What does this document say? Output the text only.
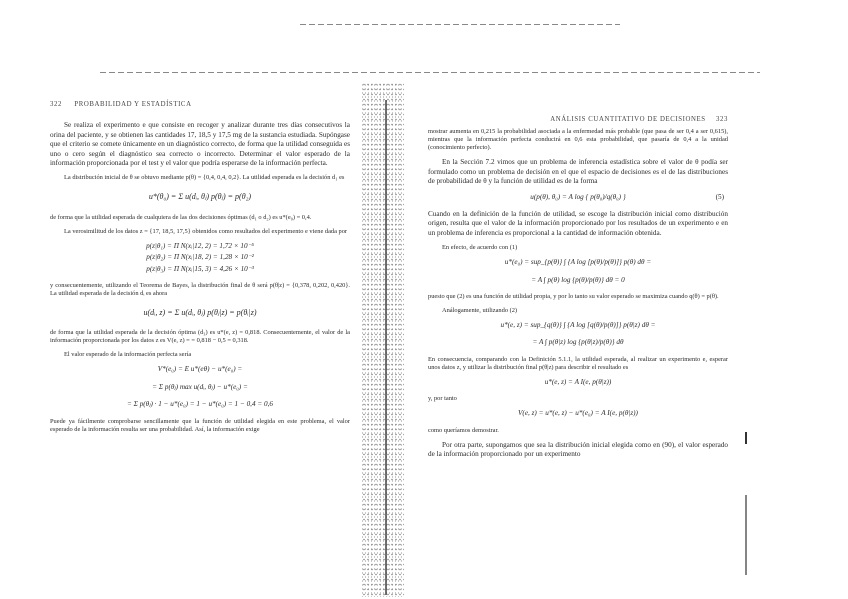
322 PROBABILIDAD Y ESTADÍSTICA

Se realiza el experimento e que consiste en recoger y analizar durante tres días consecutivos la orina del paciente, y se obtienen las cantidades 17, 18,5 y 17,5 mg de la sustancia estudiada. Supóngase que el criterio se comete únicamente en un diagnóstico correcto, de forma que la utilidad conseguida es uno o cero según el diagnóstico sea correcto o incorrecto. Determinar el valor esperado de la información proporcionada por el test y el valor que podría esperarse de la información perfecta.

La distribución inicial de θ se obtuvo mediante p(θ) = {0,4, 0,4, 0,2}. La utilidad esperada es la decisión d₁ es

u*(θ₀) = Σ u(dᵢ, θⱼ) p(θⱼ) = p(θ₂)

de forma que la utilidad esperada de cualquiera de las dos decisiones óptimas (d₁ o d₂) es u*(e₀) = 0,4.

La verosimilitud de los datos z = {17, 18,5, 17,5} obtenidos como resultados del experimento e viene dada por

p(z|θ₁) = Π N(xᵢ|12, 2) = 1,72 × 10⁻⁵
p(z|θ₂) = Π N(xᵢ|18, 2) = 1,28 × 10⁻²
p(z|θ₃) = Π N(xᵢ|15, 3) = 4,26 × 10⁻³

y consecuentemente, utilizando el Teorema de Bayes, la distribución final de θ será p(θ|z) = {0,378, 0,202, 0,420}. La utilidad esperada de la decisión dᵢ es ahora

u(dᵢ, z) = Σ u(dᵢ, θⱼ) p(θⱼ|z) = p(θᵢ|z)

de forma que la utilidad esperada de la decisión óptima (d₃) es u*(e, z) = 0,818. Consecuentemente, el valor de la información proporcionada por los datos z es V(e, z) = = 0,818 − 0,5 = 0,318.

El valor esperado de la información perfecta sería

V*(e₀) = E u*(eθ) − u*(e₀) =
= Σ p(θⱼ) max u(dᵢ, θⱼ) − u*(e₀) =
= Σ p(θⱼ) · 1 − u*(e₀) = 1 − u*(e₀) = 1 − 0,4 = 0,6

Puede ya fácilmente comprobarse sencillamente que la función de utilidad elegida en este problema, el valor esperado de la información resulta ser una probabilidad. Así, la información exige

ANÁLISIS CUANTITATIVO DE DECISIONES 323

mostrar aumenta en 0,215 la probabilidad asociada a la enfermedad más probable (que pasa de ser 0,4 a ser 0,615), mientras que la información perfecta conducirá en 0,6 esta probabilidad, que pasaría de 0,4 a la unidad (conocimiento perfecto).

En la Sección 7.2 vimos que un problema de inferencia estadística sobre el valor de θ podía ser formulado como un problema de decisión en el que el espacio de decisiones es el de las distribuciones de probabilidad de θ y la función de utilidad es de la forma

u(p(θ), θ₀) = A log { p(θ₀)/q(θ₀) }	(5)

Cuando en la definición de la función de utilidad, se escoge la distribución inicial como distribución origen, resulta que el valor de la información proporcionado por los resultados de un experimento e en un problema de inferencia es proporcional a la cantidad de información obtenida.

En efecto, de acuerdo con (1)

u*(e₀) = sup_{p(θ)} ∫ {A log [p(θ)/p(θ)]} p(θ) dθ =
= A ∫ p(θ) log {p(θ)/p(θ)} dθ = 0

puesto que (2) es una función de utilidad propia, y por lo tanto su valor esperado se maximiza cuando q(θ) = p(θ).

Análogamente, utilizando (2)

u*(e, z) = sup_{q(θ)} ∫ {A log [q(θ)/p(θ)]} p(θ|z) dθ =
= A ∫ p(θ|z) log {p(θ|z)/p(θ)} dθ

En consecuencia, comparando con la Definición 5.1.1, la utilidad esperada, al realizar un experimento e, esperar unos datos z, y utilizar la distribución final p(θ|z) para describir el resultado es

u*(e, z) = A I(e, p(θ|z))

y, por tanto

V(e, z) = u*(e, z) − u*(e₀) = A I(e, p(θ|z))

como queríamos demostrar.

Por otra parte, supongamos que sea la distribución inicial elegida como en (90), el valor esperado de la información proporcionado por un experimento
